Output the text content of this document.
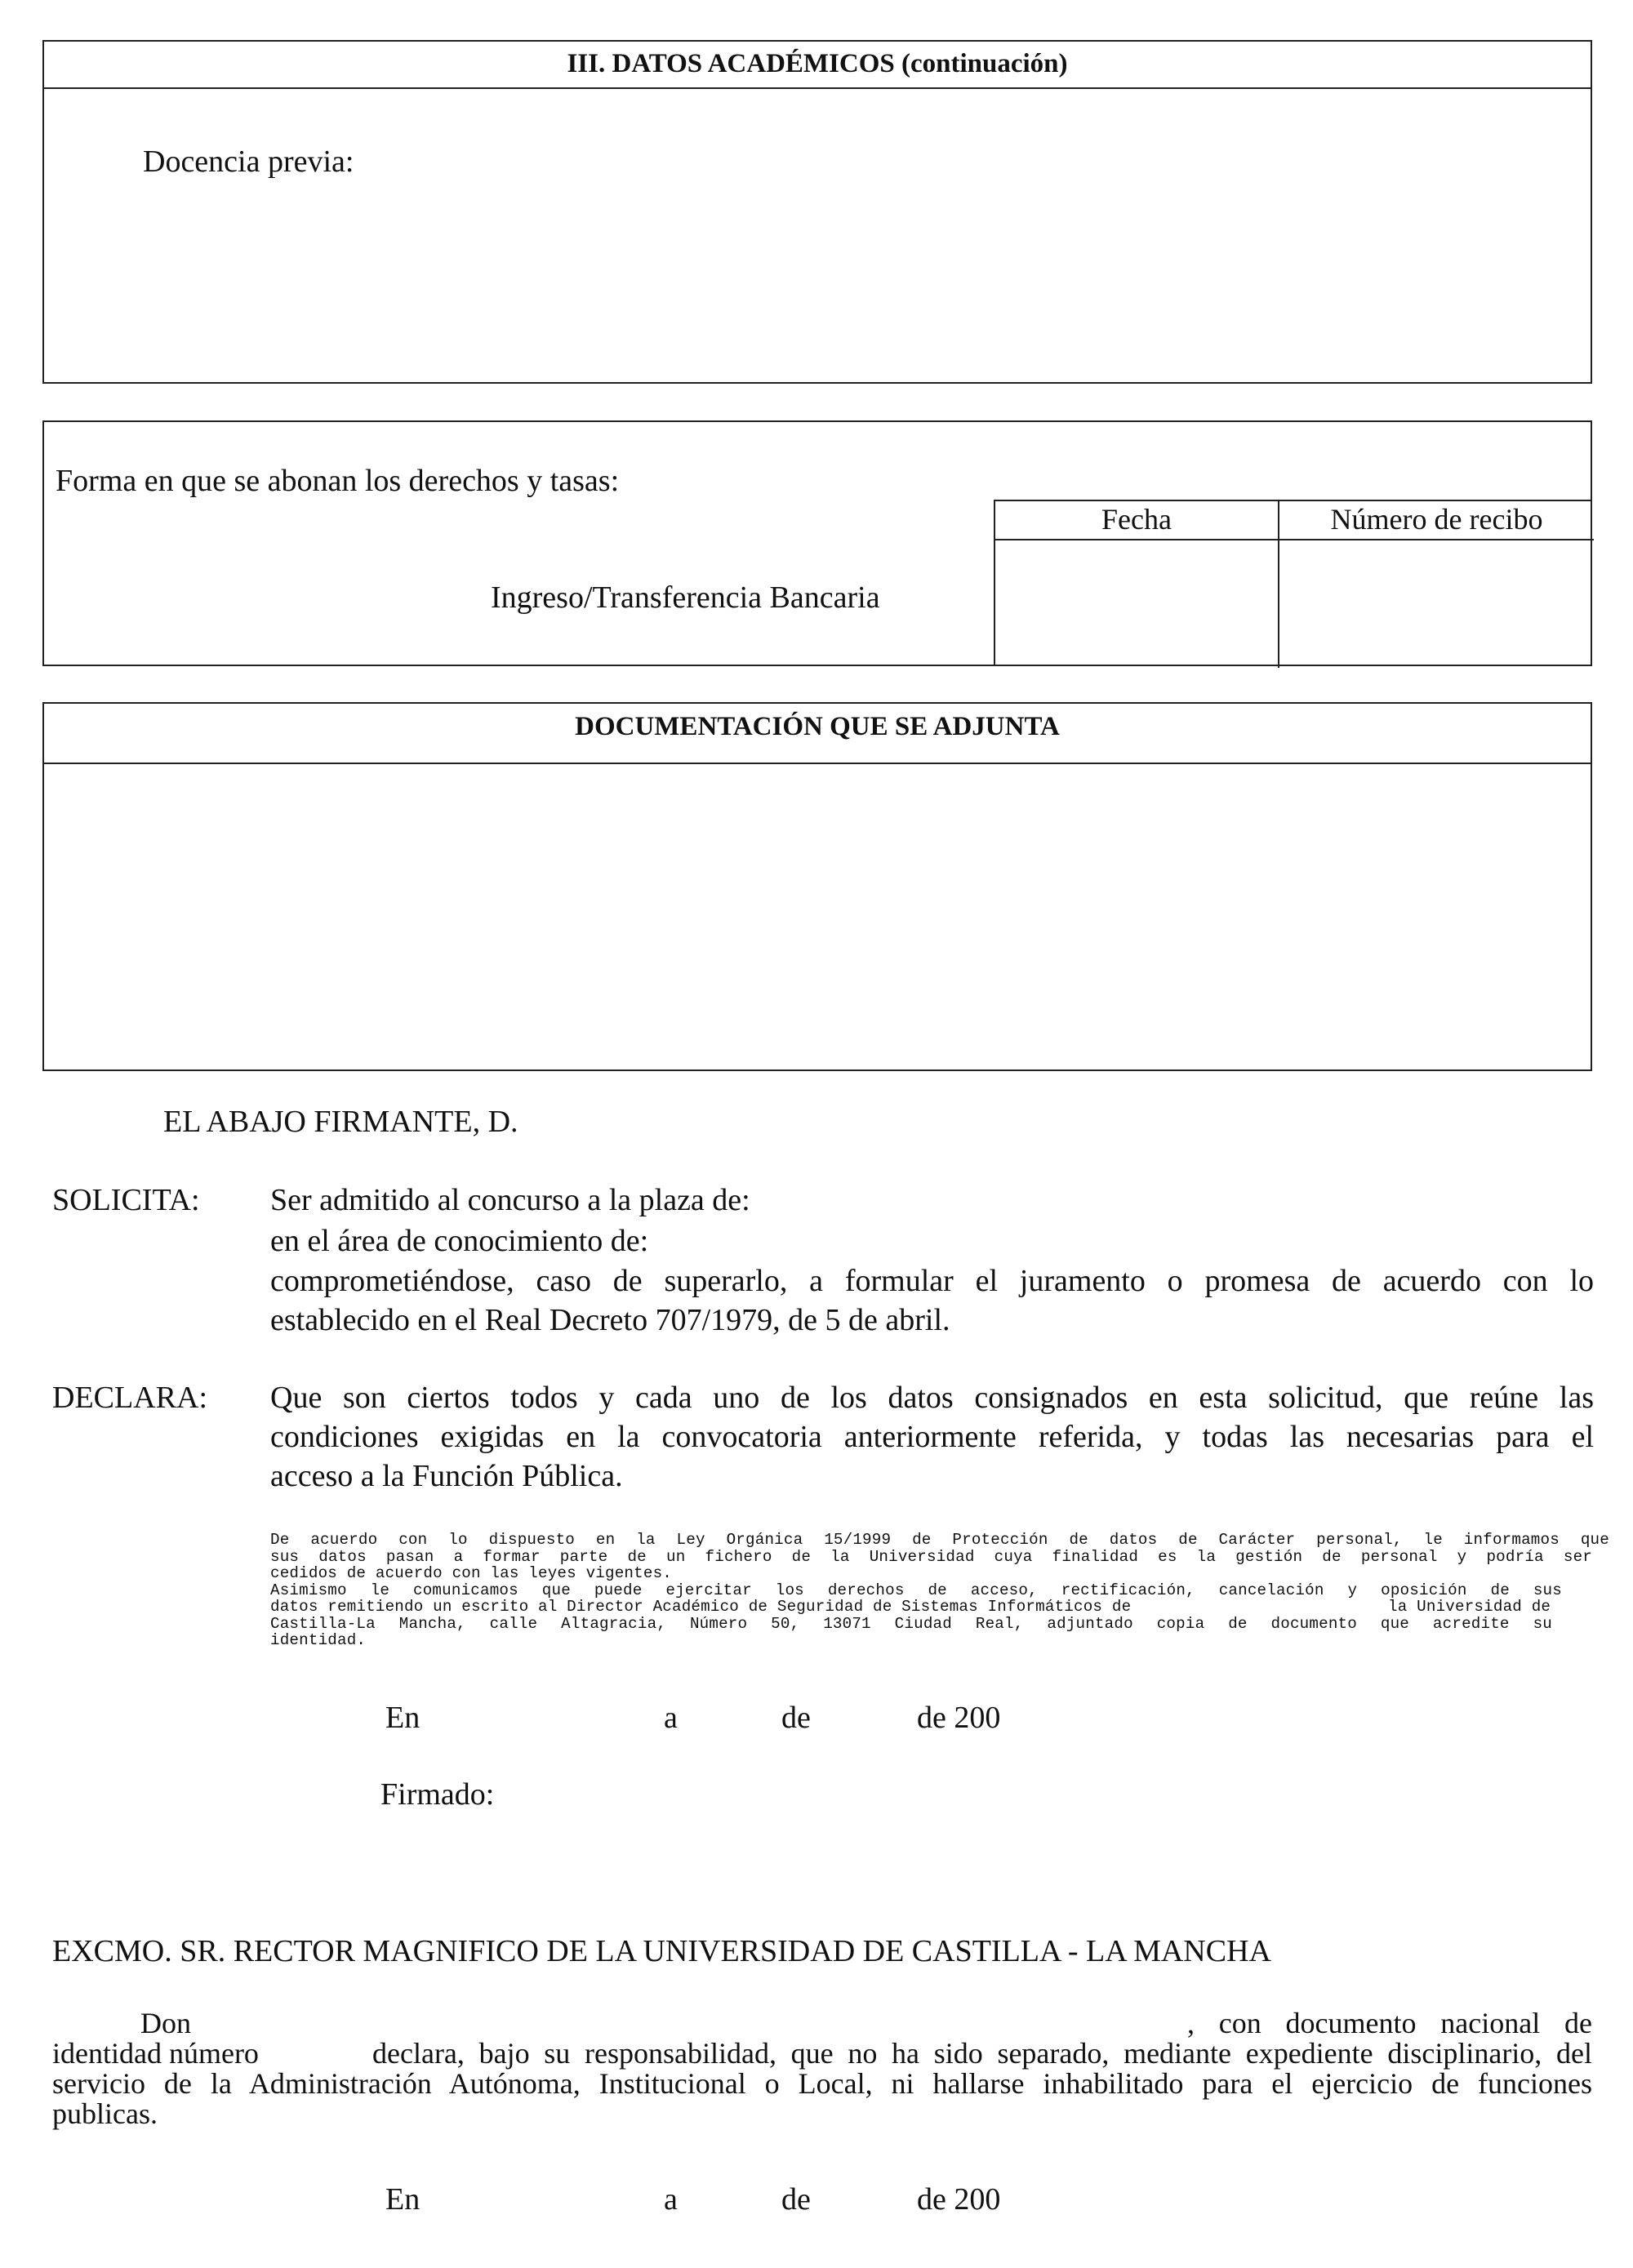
III. DATOS ACADÉMICOS (continuación)
Docencia previa:
Forma en que se abonan los derechos y tasas:
Ingreso/Transferencia Bancaria
Fecha	Número de recibo
DOCUMENTACIÓN QUE SE ADJUNTA
EL ABAJO FIRMANTE, D.
SOLICITA: Ser admitido al concurso a la plaza de:
en el área de conocimiento de:
comprometiéndose, caso de superarlo, a formular el juramento o promesa de acuerdo con lo
establecido en el Real Decreto 707/1979, de 5 de abril.
DECLARA: Que son ciertos todos y cada uno de los datos consignados en esta solicitud, que reúne las
condiciones exigidas en la convocatoria anteriormente referida, y todas las necesarias para el
acceso a la Función Pública.
De acuerdo con lo dispuesto en la Ley Orgánica 15/1999 de Protección de datos de Carácter personal, le informamos que
sus datos pasan a formar parte de un fichero de la Universidad cuya finalidad es la gestión de personal y podría ser
cedidos de acuerdo con las leyes vigentes.
Asimismo le comunicamos que puede ejercitar los derechos de acceso, rectificación, cancelación y oposición de sus
datos remitiendo un escrito al Director Académico de Seguridad de Sistemas Informáticos de	la Universidad de
Castilla-La Mancha, calle Altagracia, Número 50, 13071 Ciudad Real, adjuntado copia de documento que acredite su
identidad.
En	a	de	de 200
Firmado:
EXCMO. SR. RECTOR MAGNIFICO DE LA UNIVERSIDAD DE CASTILLA - LA MANCHA
Don	, con documento nacional de
identidad número	declara, bajo su responsabilidad, que no ha sido separado, mediante expediente disciplinario, del
servicio de la Administración Autónoma, Institucional o Local, ni hallarse inhabilitado para el ejercicio de funciones
publicas.
En	a	de	de 200
